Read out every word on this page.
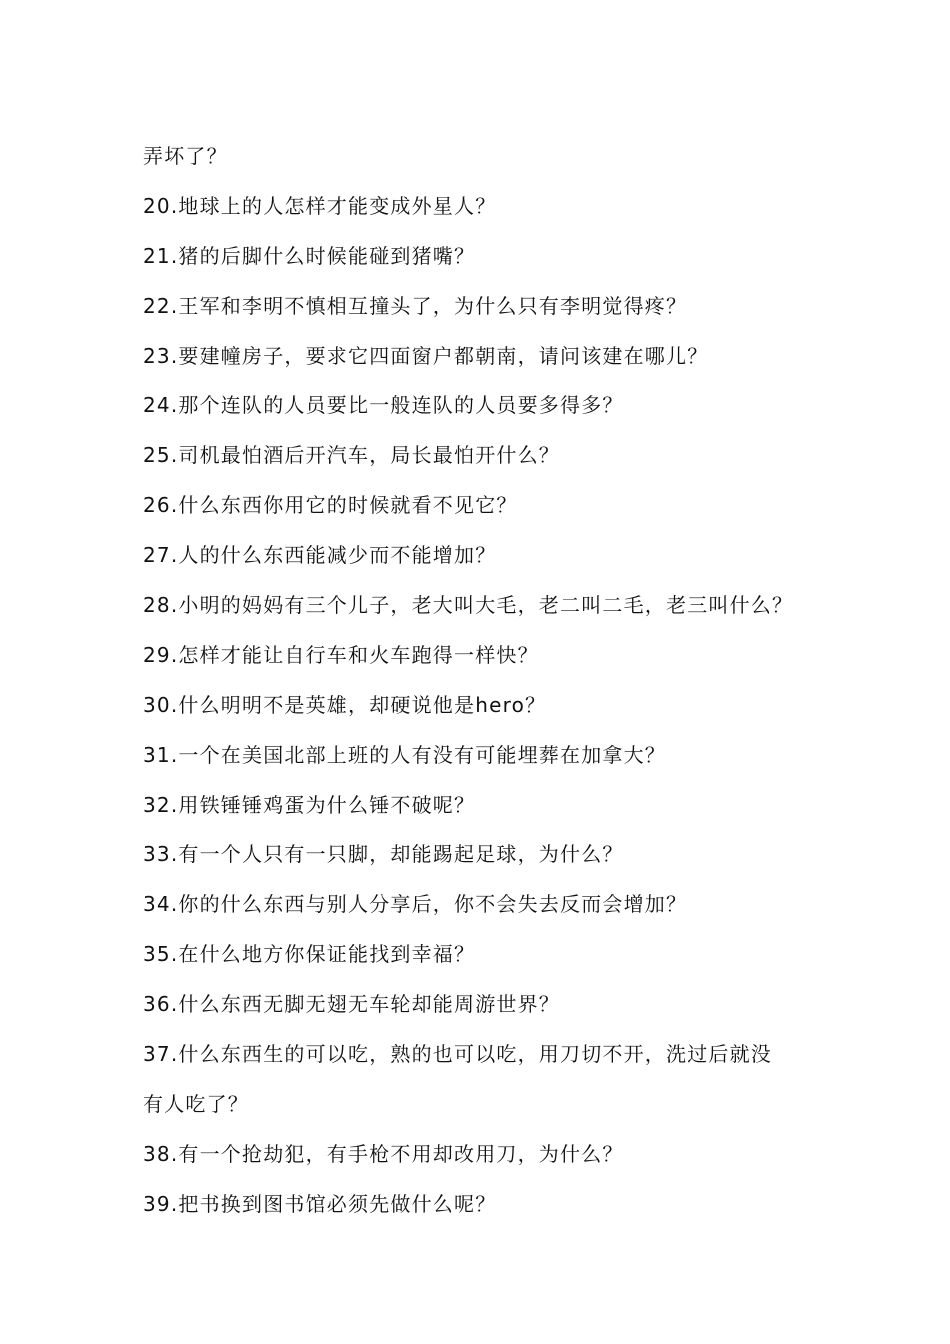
弄坏了？
20.地球上的人怎样才能变成外星人？
21.猪的后脚什么时候能碰到猪嘴？
22.王军和李明不慎相互撞头了，为什么只有李明觉得疼？
23.要建幢房子，要求它四面窗户都朝南，请问该建在哪儿？
24.那个连队的人员要比一般连队的人员要多得多？
25.司机最怕酒后开汽车，局长最怕开什么？
26.什么东西你用它的时候就看不见它？
27.人的什么东西能减少而不能增加？
28.小明的妈妈有三个儿子，老大叫大毛，老二叫二毛，老三叫什么？
29.怎样才能让自行车和火车跑得一样快？
30.什么明明不是英雄，却硬说他是hero？
31.一个在美国北部上班的人有没有可能埋葬在加拿大？
32.用铁锤锤鸡蛋为什么锤不破呢？
33.有一个人只有一只脚，却能踢起足球，为什么？
34.你的什么东西与别人分享后，你不会失去反而会增加？
35.在什么地方你保证能找到幸福？
36.什么东西无脚无翅无车轮却能周游世界？
37.什么东西生的可以吃，熟的也可以吃，用刀切不开，洗过后就没
有人吃了？
38.有一个抢劫犯，有手枪不用却改用刀，为什么？
39.把书换到图书馆必须先做什么呢？
